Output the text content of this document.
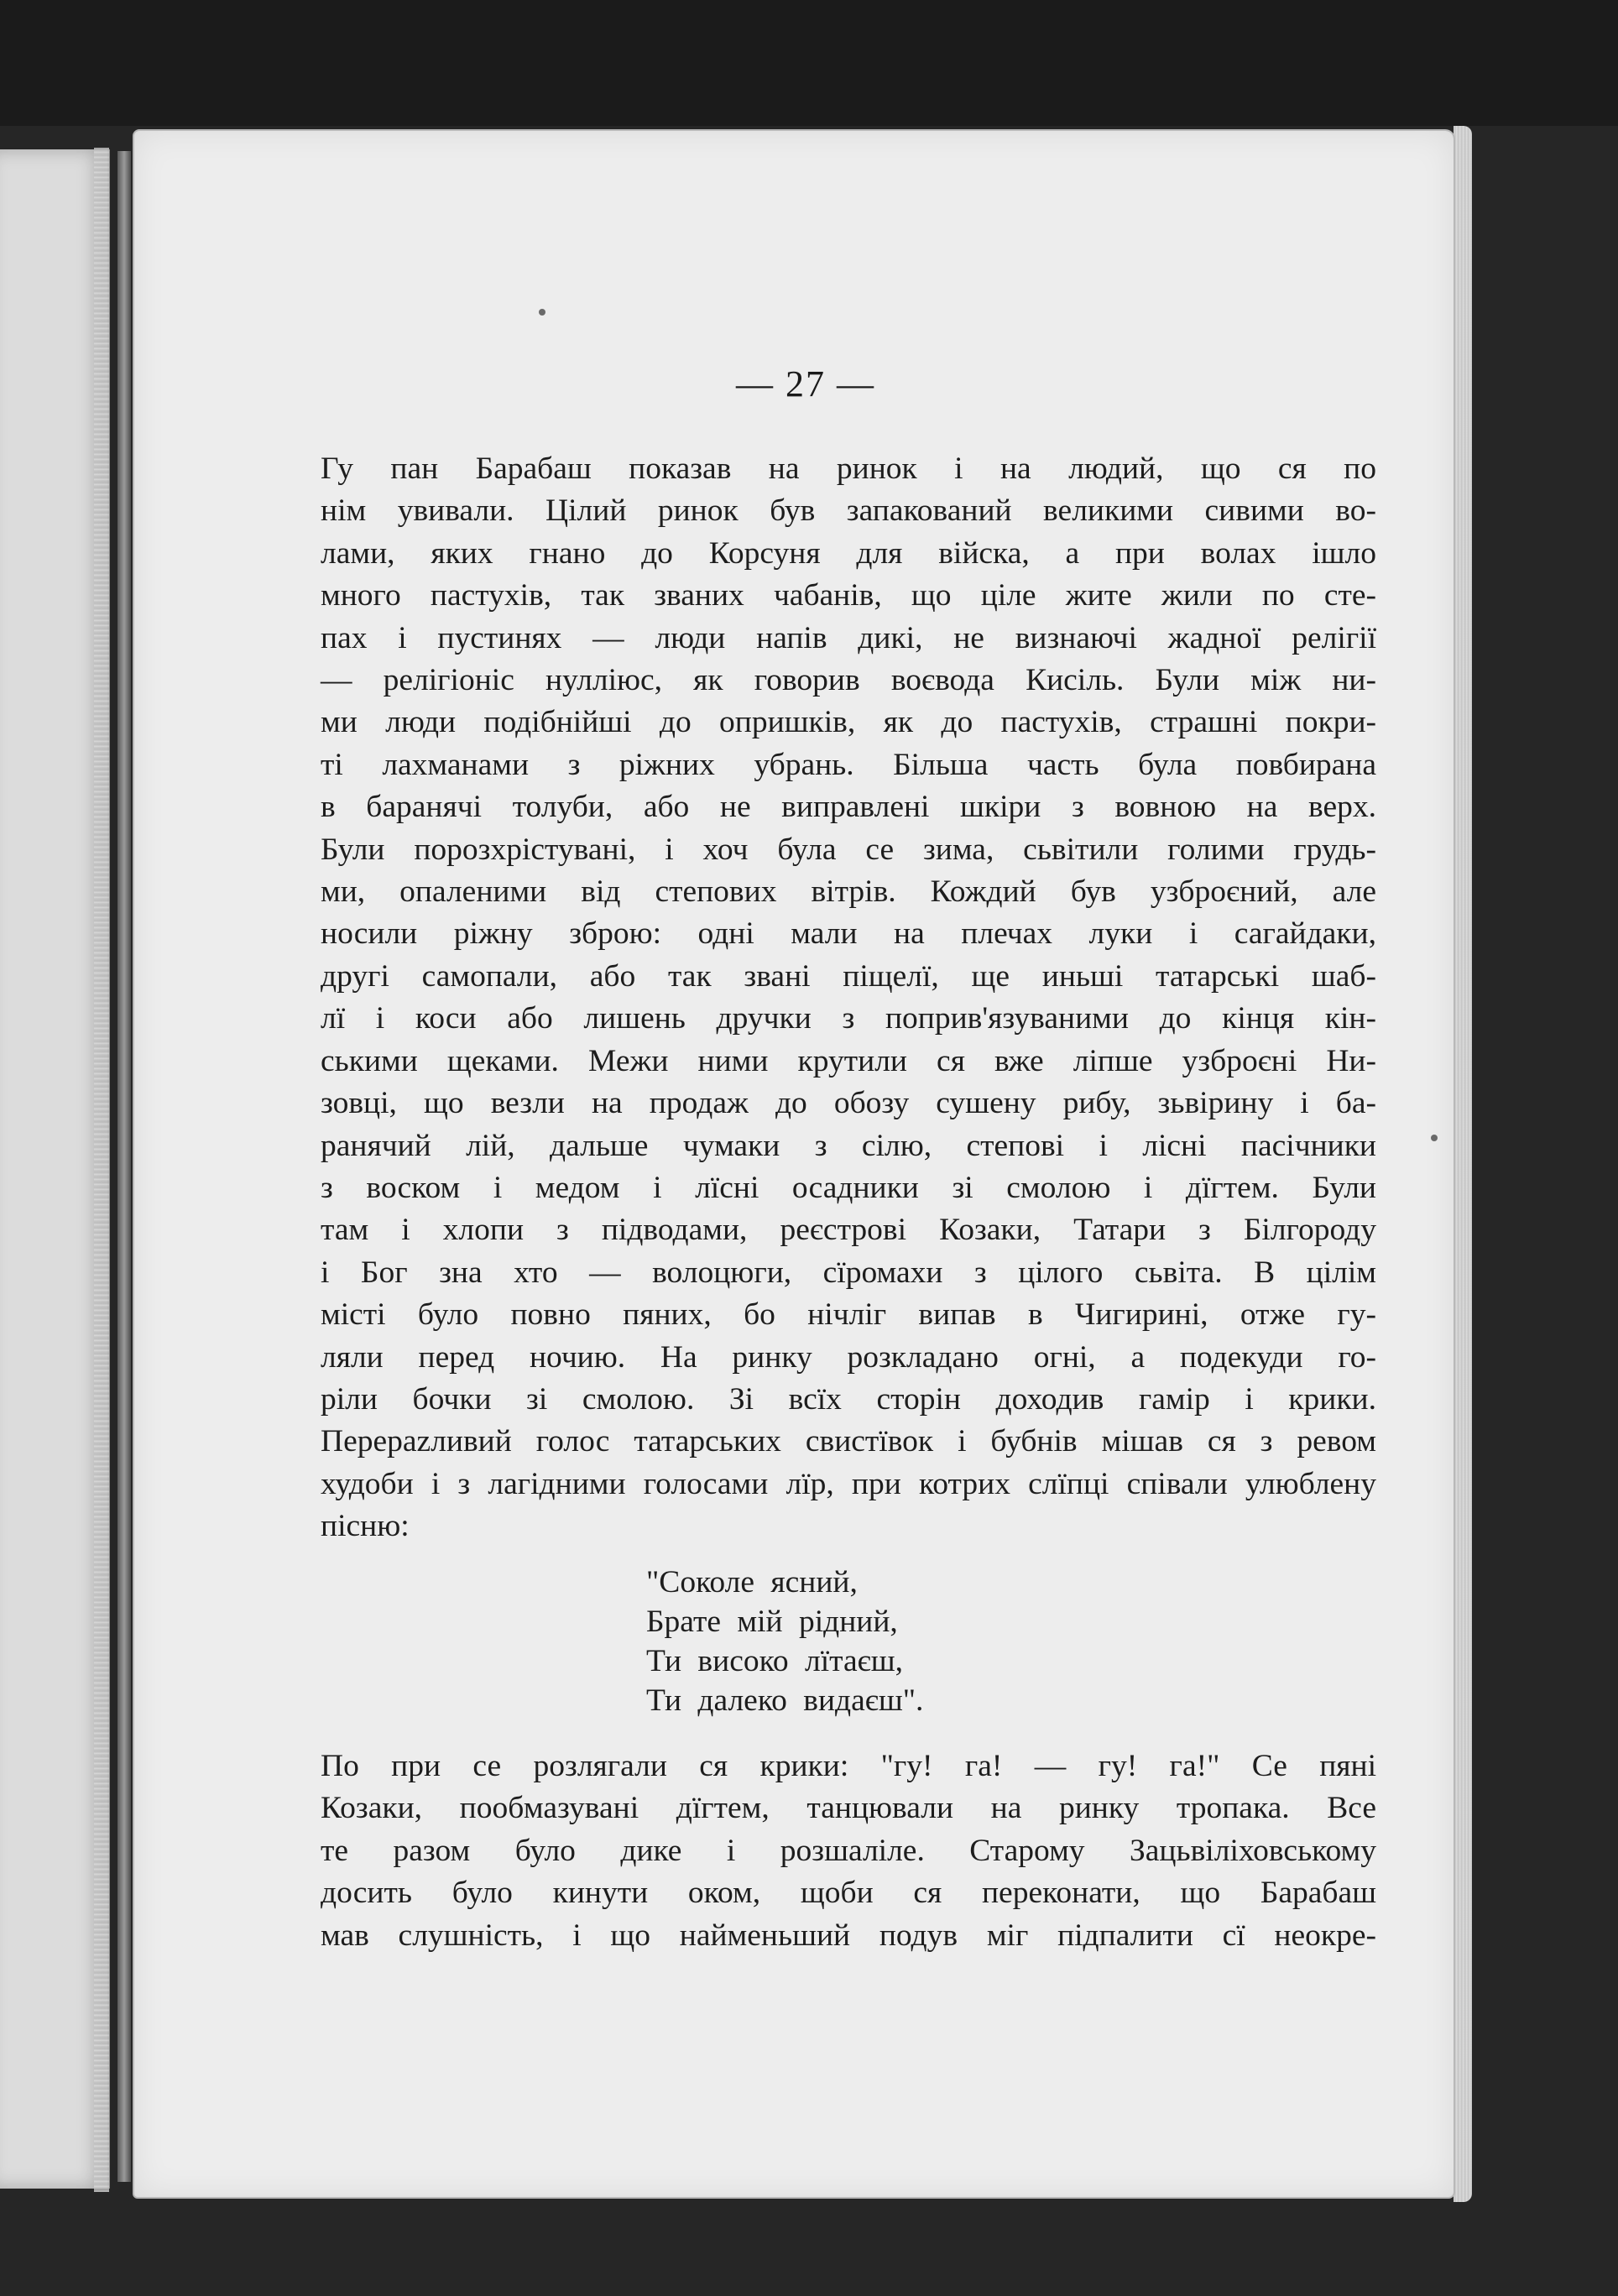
— 27 —

Гу пан Барабаш показав на ринок і на людий, що ся по
нім увивали. Цілий ринок був запакований великими сивими во-
лами, яких гнано до Корсуня для війска, а при волах ішло
много пастухів, так званих чабанів, що ціле жите жили по сте-
пах і пустинях — люди напів дикі, не визнаючі жадної релігії
— релігіоніс нулліюс, як говорив воєвода Кисіль. Були між ни-
ми люди подібнійші до опришків, як до пастухів, страшні покри-
ті лахманами з ріжних убрань. Більша часть була повбирана
в баранячі толуби, або не виправлені шкіри з вовною на верх.
Були порозхрістувані, і хоч була се зима, сьвітили голими грудь-
ми, опаленими від степових вітрів. Кождий був узброєний, але
носили ріжну зброю: одні мали на плечах луки і сагайдаки,
другі самопали, або так звані піщелї, ще иньші татарські шаб-
лї і коси або лишень дручки з поприв'язуваними до кінця кін-
ськими щеками. Межи ними крутили ся вже ліпше узброєні Ни-
зовці, що везли на продаж до обозу сушену рибу, зьвірину і ба-
ранячий лій, дальше чумаки з сілю, степові і лісні пасічники
з воском і медом і лїсні осадники зі смолою і дїгтем. Були
там і хлопи з підводами, реєстрові Козаки, Татари з Білгороду
і Бог зна хто — волоцюги, сїромахи з цілого сьвіта. В цілім
місті було повно пяних, бо нічліг випав в Чигирині, отже гу-
ляли перед ночию. На ринку розкладано огні, а подекуди го-
ріли бочки зі смолою. Зі всїх сторін доходив гамір і крики.
Перерazливий голос татарських свистївок і бубнів мішав ся з ревом
худоби і з лагідними голосами лїр, при котрих слїпці співали улюблену
пісню:

"Соколе ясний,
Брате мій рідний,
Ти високо лїтаєш,
Ти далеко видаєш".

По при се розлягали ся крики: "гу! га! — гу! га!" Се пяні
Козаки, пообмазувані дїгтем, танцювали на ринку тропака. Все
те разом було дике і розшаліле. Старому Зацьвіліховському
досить було кинути оком, щоби ся переконати, що Барабаш
мав слушність, і що найменьший подув міг підпалити сї неокре-
